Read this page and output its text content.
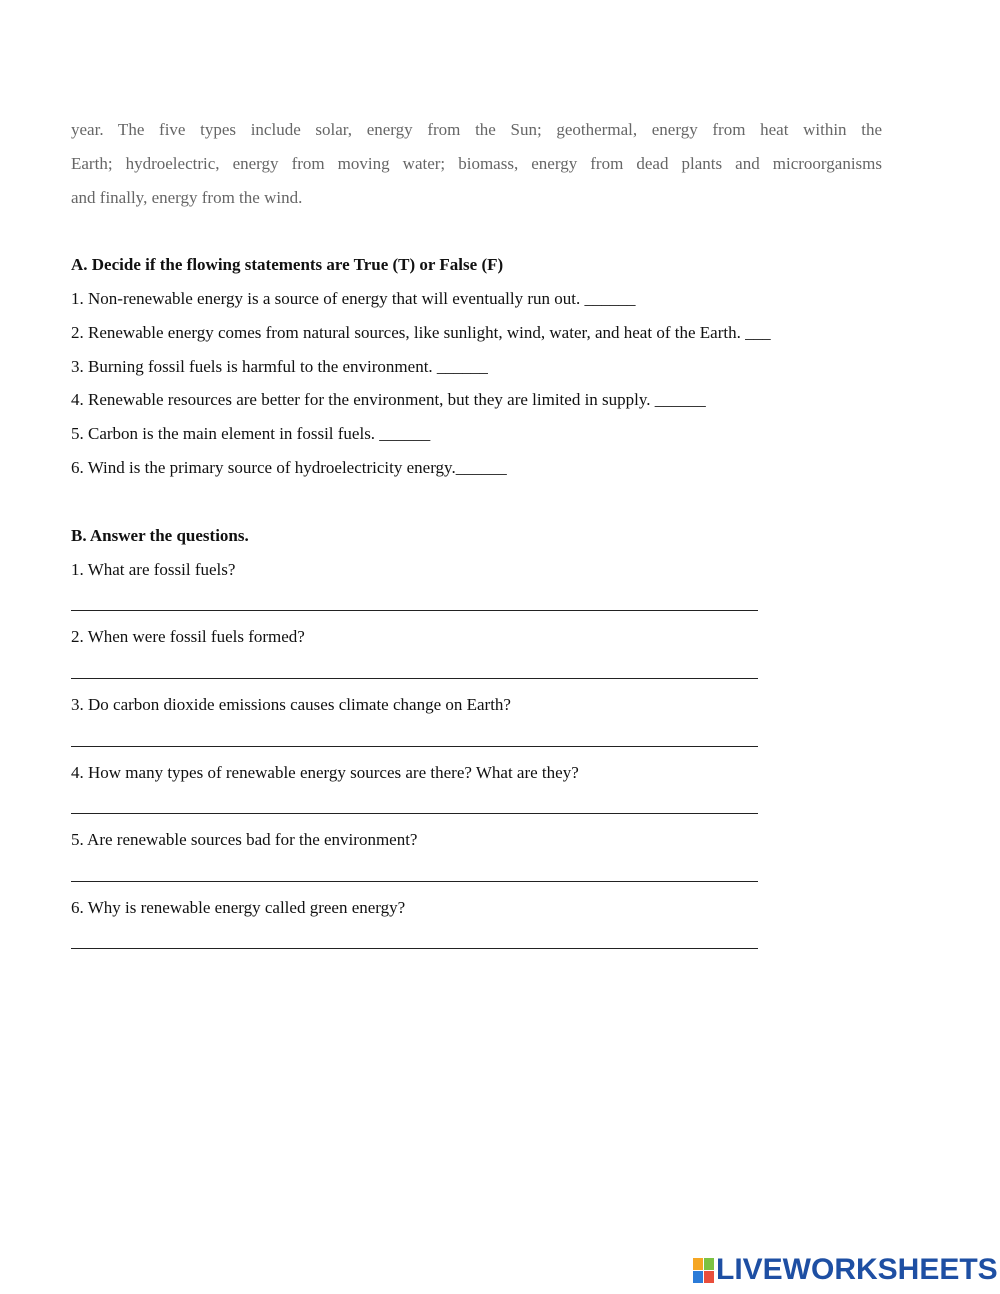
year. The five types include solar, energy from the Sun; geothermal, energy from heat within the
Earth; hydroelectric, energy from moving water; biomass, energy from dead plants and microorganisms
and finally, energy from the wind.
A. Decide if the flowing statements are True (T) or False (F)
1. Non-renewable energy is a source of energy that will eventually run out. ______
2. Renewable energy comes from natural sources, like sunlight, wind, water, and heat of the Earth. ___
3. Burning fossil fuels is harmful to the environment. ______
4. Renewable resources are better for the environment, but they are limited in supply. ______
5. Carbon is the main element in fossil fuels. ______
6. Wind is the primary source of hydroelectricity energy.______
B. Answer the questions.
1. What are fossil fuels?
2. When were fossil fuels formed?
3. Do carbon dioxide emissions causes climate change on Earth?
4. How many types of renewable energy sources are there? What are they?
5. Are renewable sources bad for the environment?
6. Why is renewable energy called green energy?
LIVEWORKSHEETS
